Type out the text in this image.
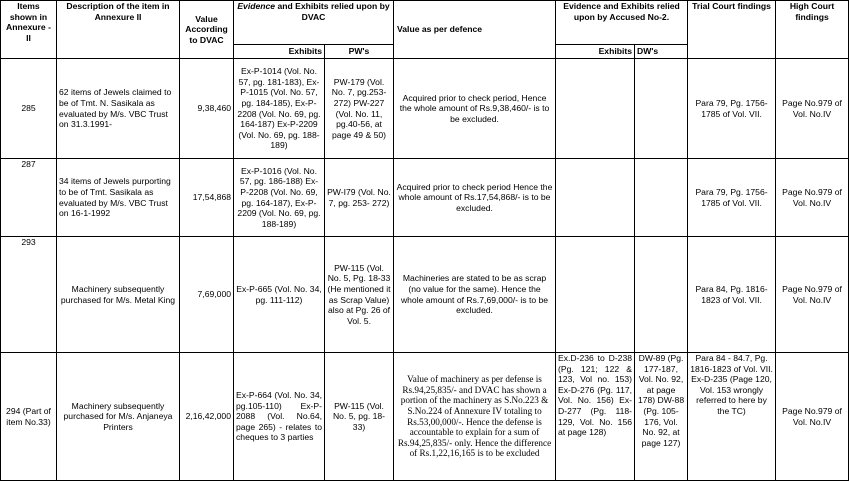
Items shown in Annexure - II	Description of the item in Annexure II	Value According to DVAC	Evidence and Exhibits relied upon by DVAC		Value as per defence	Evidence and Exhibits relied upon by Accused No-2.		Trial Court findings	High Court findings
			Exhibits	PW's		Exhibits	DW's		
285	62 items of Jewels claimed to be of Tmt. N. Sasikala as evaluated by M/s. VBC Trust on 31.3.1991-	9,38,460	Ex-P-1014 (Vol. No. 57, pg. 181-183), Ex-P-1015 (Vol. No. 57, pg. 184-185), Ex-P-2208 (Vol. No. 69, pg. 164-187) Ex-P-2209 (Vol. No. 69, pg. 188-189)	PW-179 (Vol. No. 7, pg.253-272) PW-227 (Vol. No. 11, pg.40-56, at page 49 & 50)	Acquired prior to check period, Hence the whole amount of Rs.9,38,460/- is to be excluded.			Para 79, Pg. 1756-1785 of Vol. VII.	Page No.979 of Vol. No.IV
287	34 items of Jewels purporting to be of Tmt. Sasikala as evaluated by M/s. VBC Trust on 16-1-1992	17,54,868	Ex-P-1016 (Vol. No. 57, pg. 186-188) Ex-P-2208 (Vol. No. 69, pg. 164-187), Ex-P-2209 (Vol. No. 69, pg. 188-189)	PW-I79 (Vol. No. 7, pg. 253- 272)	Acquired prior to check period Hence the whole amount of Rs.17,54,868/- is to be excluded.			Para 79, Pg. 1756-1785 of Vol. VII.	Page No.979 of Vol. No.IV
293	Machinery subsequently purchased for M/s. Metal King	7,69,000	Ex-P-665 (Vol. No. 34, pg. 111-112)	PW-115 (Vol. No. 5, Pg. 18-33 (He mentioned it as Scrap Value) also at Pg. 26 of Vol. 5.	Machineries are stated to be as scrap (no value for the same). Hence the whole amount of Rs.7,69,000/- is to be excluded.			Para 84, Pg. 1816-1823 of Vol. VII.	Page No.979 of Vol. No.IV
294 (Part of item No.33)	Machinery subsequently purchased for M/s. Anjaneya Printers	2,16,42,000	Ex-P-664 (Vol. No. 34, pg.105-110) Ex-P-2088 (Vol. No.64, page 265) - relates to cheques to 3 parties	PW-115 (Vol. No. 5, pg. 18-33)	Value of machinery as per defense is Rs.94,25,835/- and DVAC has shown a portion of the machinery as S.No.223 & S.No.224 of Annexure IV totaling to Rs.53,00,000/-. Hence the defense is accountable to explain for a sum of Rs.94,25,835/- only. Hence the difference of Rs.1,22,16,165 is to be excluded	Ex.D-236 to D-238 (Pg. 121; 122 & 123, Vol no. 153) Ex-D-276 (Pg. 117, Vol. No. 156) Ex-D-277 (Pg. 118-129, Vol. No. 156 at page 128)	DW-89 (Pg. 177-187, Vol. No. 92, at page 178) DW-88 (Pg. 105-176, Vol. No. 92, at page 127)	Para 84 - 84.7, Pg. 1816-1823 of Vol. VII. Ex-D-235 (Page 120, Vol. 153 wrongly referred to here by the TC)	Page No.979 of Vol. No.IV
